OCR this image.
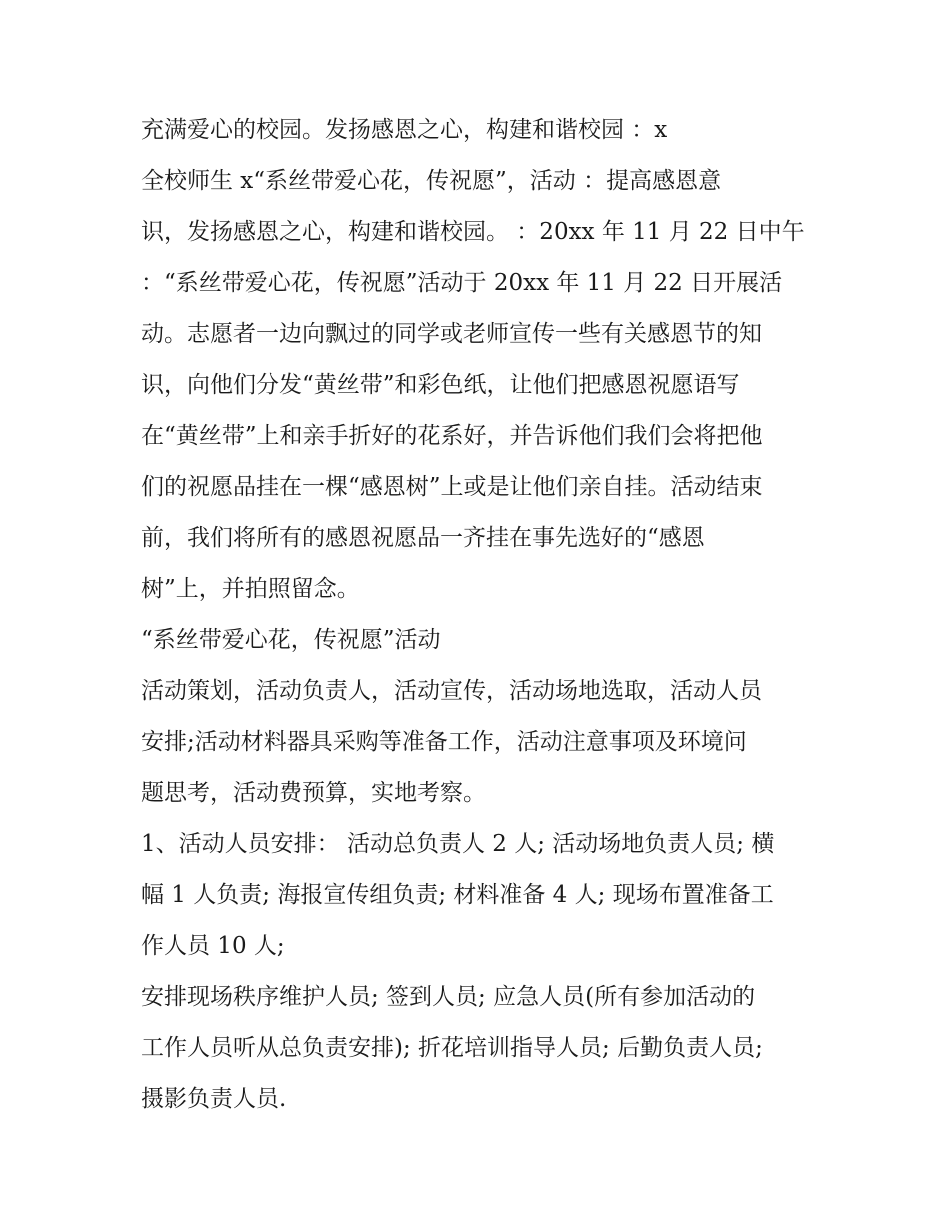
充满爱心的校园。发扬感恩之心，构建和谐校园 ：x
全校师生 x“系丝带爱心花，传祝愿”，活动 ：提高感恩意
识，发扬感恩之心，构建和谐校园。 ：20xx 年 11 月 22 日中午
：“系丝带爱心花，传祝愿”活动于 20xx 年 11 月 22 日开展活
动。志愿者一边向飘过的同学或老师宣传一些有关感恩节的知
识，向他们分发“黄丝带”和彩色纸，让他们把感恩祝愿语写
在“黄丝带”上和亲手折好的花系好，并告诉他们我们会将把他
们的祝愿品挂在一棵“感恩树”上或是让他们亲自挂。活动结束
前，我们将所有的感恩祝愿品一齐挂在事先选好的“感恩
树”上，并拍照留念。
“系丝带爱心花，传祝愿”活动
活动策划，活动负责人，活动宣传，活动场地选取，活动人员
安排;活动材料器具采购等准备工作，活动注意事项及环境问
题思考，活动费预算，实地考察。
1、活动人员安排： 活动总负责人 2 人; 活动场地负责人员; 横
幅 1 人负责; 海报宣传组负责; 材料准备 4 人; 现场布置准备工
作人员 10 人;
安排现场秩序维护人员; 签到人员; 应急人员(所有参加活动的
工作人员听从总负责安排); 折花培训指导人员; 后勤负责人员;
摄影负责人员.
